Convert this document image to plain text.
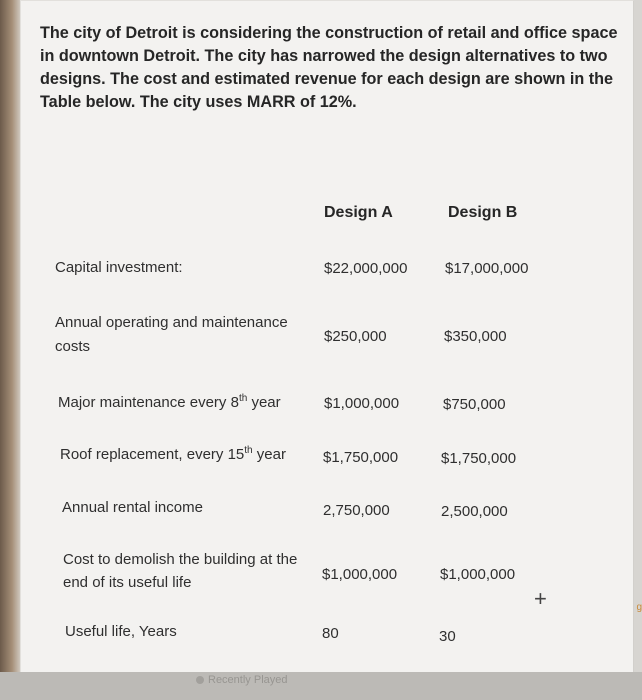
g
The city of Detroit is considering the construction of retail and office space in downtown Detroit. The city has narrowed the design alternatives to two designs. The cost and estimated revenue for each design are shown in the Table below. The city uses MARR of 12%.
Design A	Design B
Capital investment:	$22,000,000	$17,000,000
Annual operating and maintenance
costs
$250,000	$350,000
Major maintenance every 8th year	$1,000,000	$750,000
Roof replacement, every 15th year $1,750,000	$1,750,000
Annual rental income	2,750,000	2,500,000
Cost to demolish the building at the
end of its useful life	$1,000,000	$1,000,000
+
Useful life, Years	80	30
Recently Played
